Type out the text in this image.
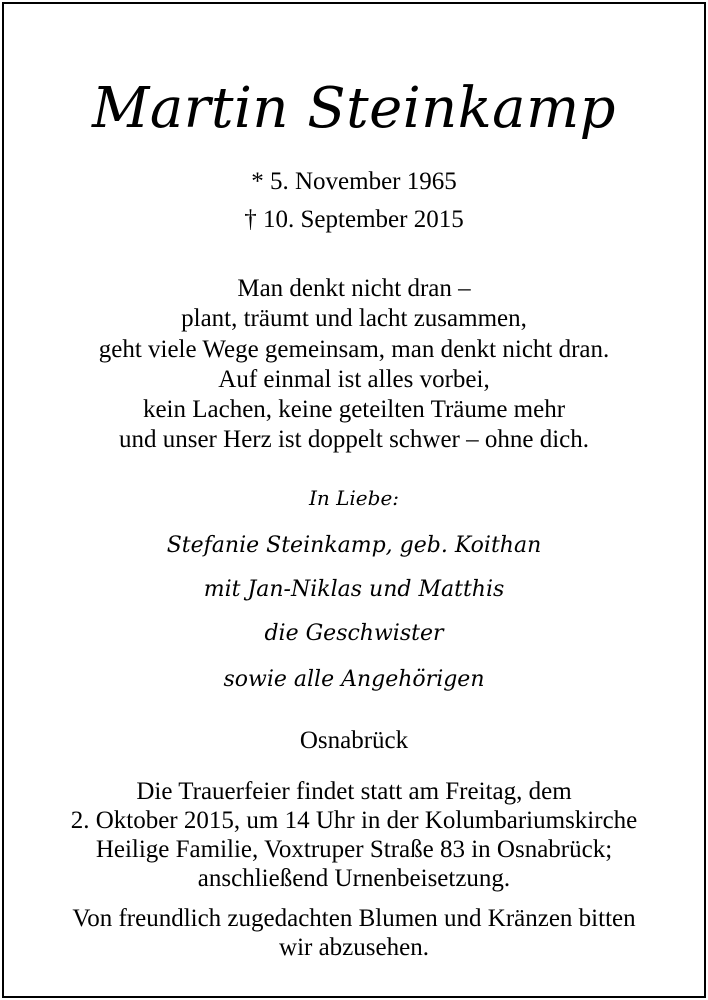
Martin Steinkamp
* 5. November 1965
† 10. September 2015
Man denkt nicht dran –
plant, träumt und lacht zusammen,
geht viele Wege gemeinsam, man denkt nicht dran.
Auf einmal ist alles vorbei,
kein Lachen, keine geteilten Träume mehr
und unser Herz ist doppelt schwer – ohne dich.
In Liebe:
Stefanie Steinkamp, geb. Koithan
mit Jan-Niklas und Matthis
die Geschwister
sowie alle Angehörigen
Osnabrück
Die Trauerfeier findet statt am Freitag, dem
2. Oktober 2015, um 14 Uhr in der Kolumbariumskirche
Heilige Familie, Voxtruper Straße 83 in Osnabrück;
anschließend Urnenbeisetzung.
Von freundlich zugedachten Blumen und Kränzen bitten
wir abzusehen.
